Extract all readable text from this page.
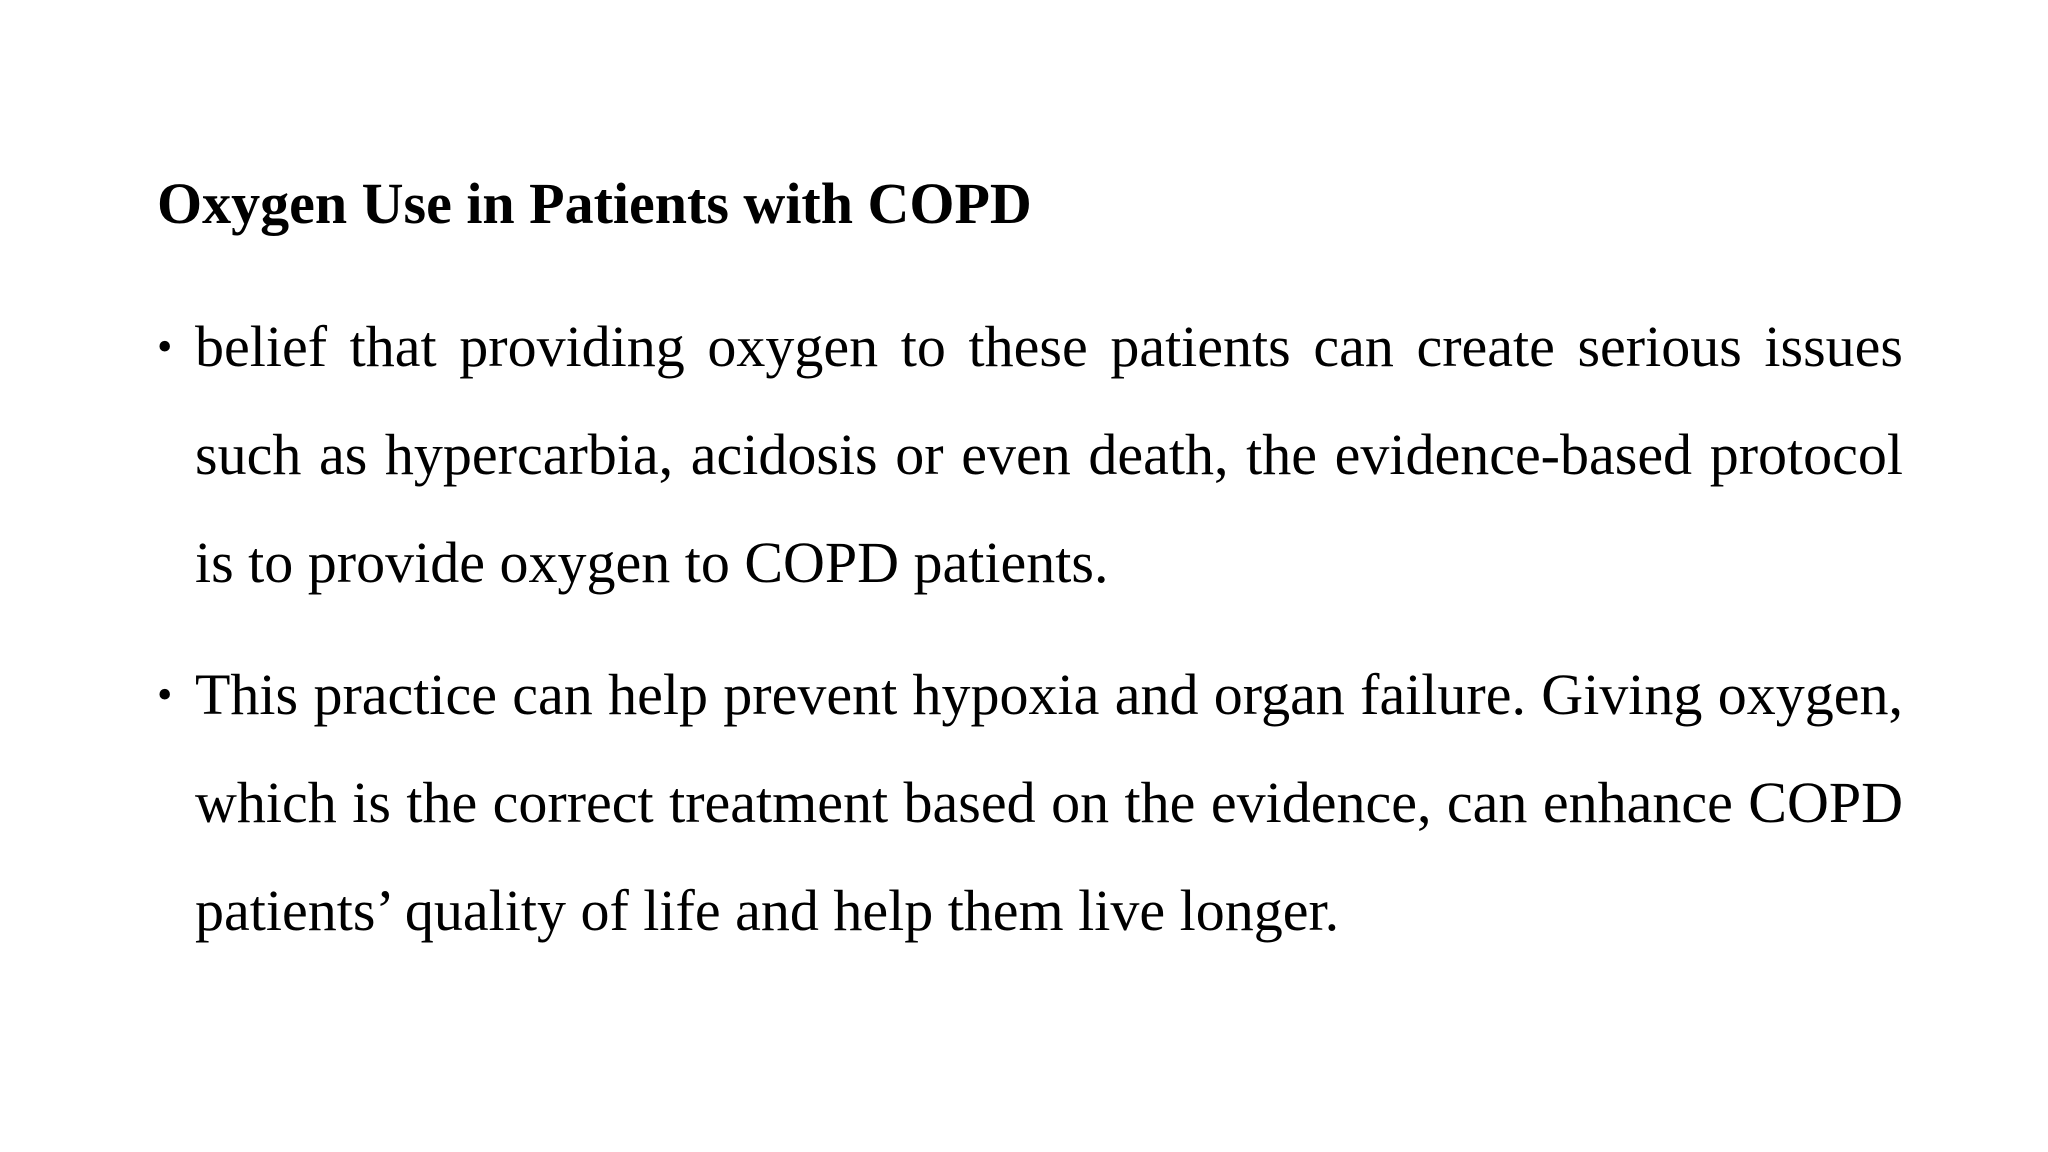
Oxygen Use in Patients with COPD
• belief that providing oxygen to these patients can create serious issues such as hypercarbia, acidosis or even death, the evidence-based protocol is to provide oxygen to COPD patients.
• This practice can help prevent hypoxia and organ failure. Giving oxygen, which is the correct treatment based on the evidence, can enhance COPD patients’ quality of life and help them live longer.
